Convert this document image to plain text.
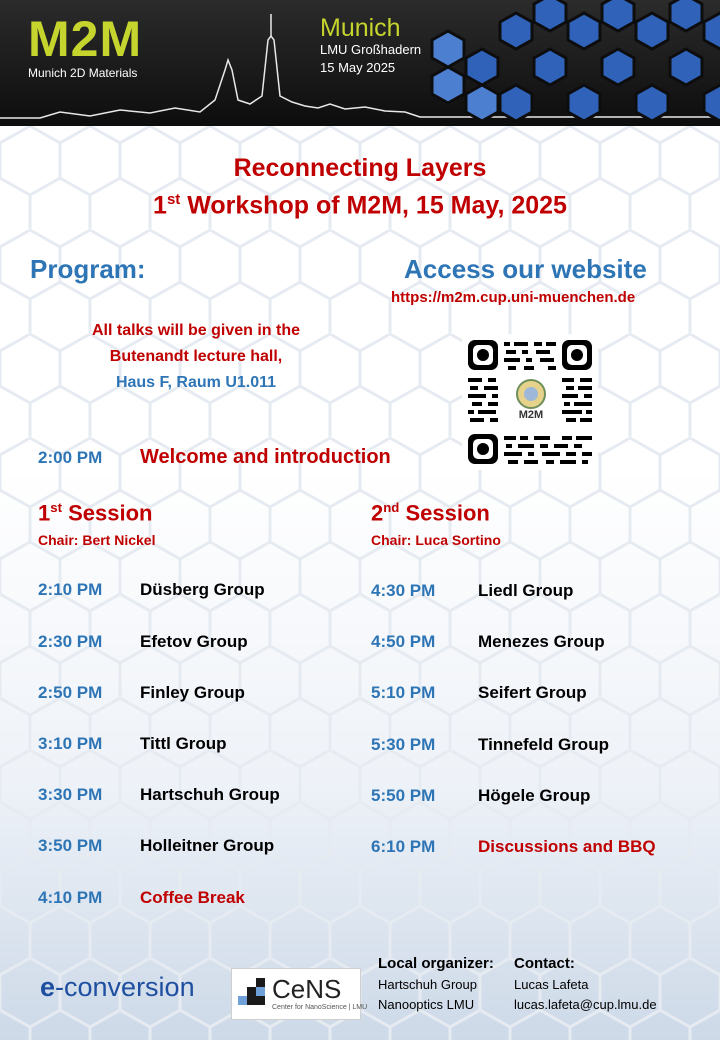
M2M
Munich 2D Materials
Munich
LMU Großhadern
15 May 2025
Reconnecting Layers
1st Workshop of M2M, 15 May, 2025
Program:	Access our website
https://m2m.cup.uni-muenchen.de
All talks will be given in the
Butenandt lecture hall,
Haus F, Raum U1.011
M2M
2:00 PM Welcome and introduction
1st Session
Chair: Bert Nickel
2nd Session
Chair: Luca Sortino
2:10 PM Düsberg Group
2:30 PM Efetov Group
2:50 PM Finley Group
3:10 PM Tittl Group
3:30 PM Hartschuh Group
3:50 PM Holleitner Group
4:10 PM Coffee Break
4:30 PM	Liedl Group
4:50 PM	Menezes Group
5:10 PM	Seifert Group
5:30 PM	Tinnefeld Group
5:50 PM	Högele Group
6:10 PM	Discussions and BBQ
e-conversion	CeNS
Center for NanoScience | LMU
Local organizer:
Hartschuh Group
Nanooptics LMU
Contact:
Lucas Lafeta
lucas.lafeta@cup.lmu.de
